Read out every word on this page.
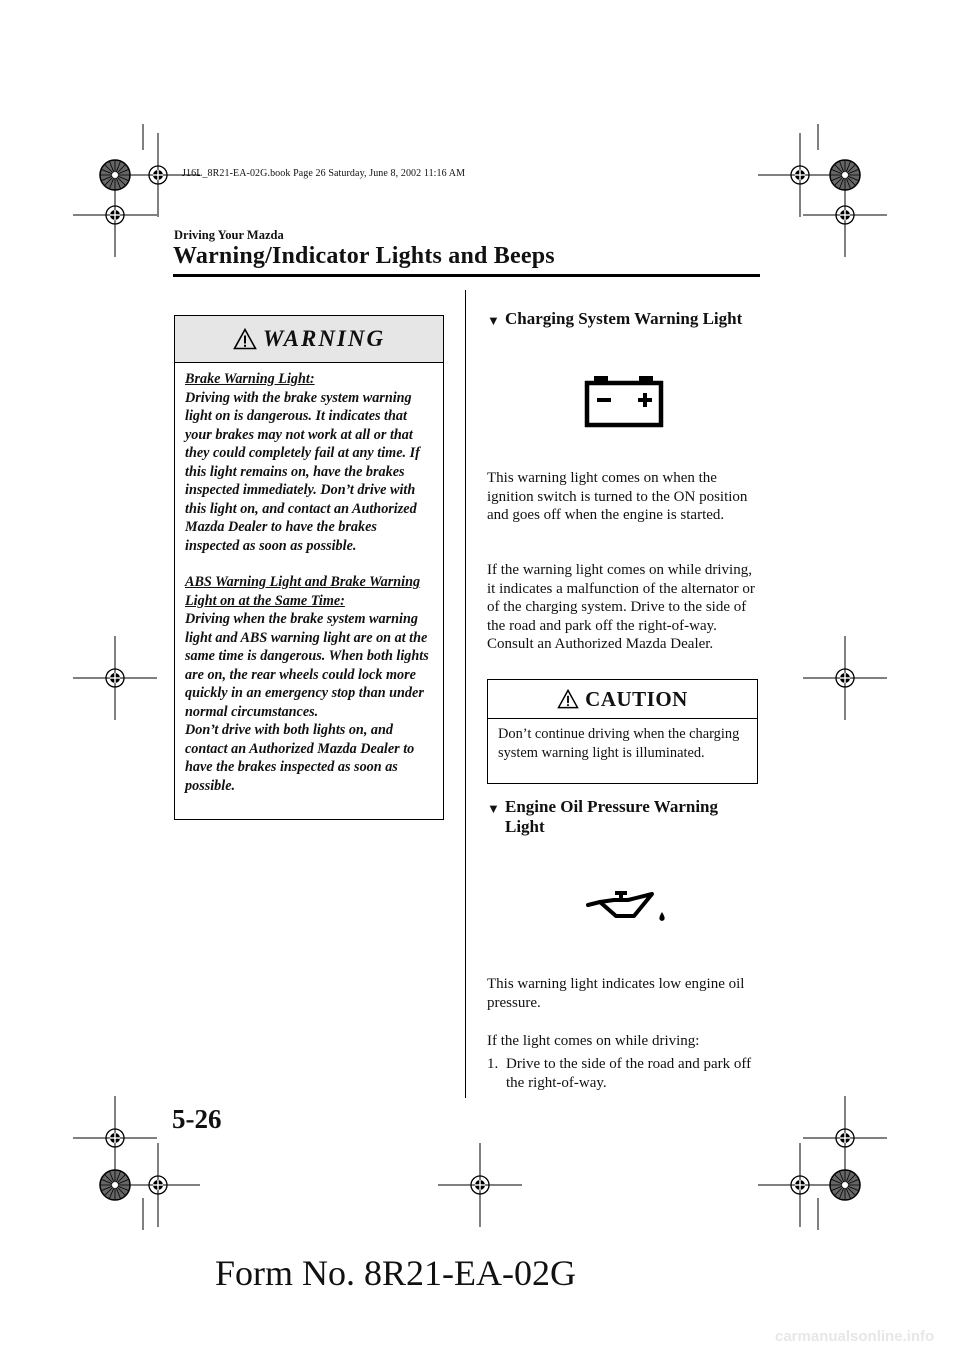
J16L_8R21-EA-02G.book Page 26 Saturday, June 8, 2002 11:16 AM
Driving Your Mazda
Warning/Indicator Lights and Beeps
WARNING

Brake Warning Light:

Driving with the brake system warning light on is dangerous. It indicates that your brakes may not work at all or that they could completely fail at any time. If this light remains on, have the brakes inspected immediately. Don’t drive with this light on, and contact an Authorized Mazda Dealer to have the brakes inspected as soon as possible.

ABS Warning Light and Brake Warning Light on at the Same Time:

Driving when the brake system warning light and ABS warning light are on at the same time is dangerous. When both lights are on, the rear wheels could lock more quickly in an emergency stop than under normal circumstances.

Don’t drive with both lights on, and contact an Authorized Mazda Dealer to have the brakes inspected as soon as possible.

▼ Charging System Warning Light

This warning light comes on when the ignition switch is turned to the ON position and goes off when the engine is started.

If the warning light comes on while driving, it indicates a malfunction of the alternator or of the charging system. Drive to the side of the road and park off the right-of-way. Consult an Authorized Mazda Dealer.

CAUTION
Don’t continue driving when the charging system warning light is illuminated.
▼ Engine Oil Pressure Warning
Light

This warning light indicates low engine oil pressure.

If the light comes on while driving:

1. Drive to the side of the road and park off the right-of-way.
5-26
Form No. 8R21-EA-02G
carmanualsonline.info
